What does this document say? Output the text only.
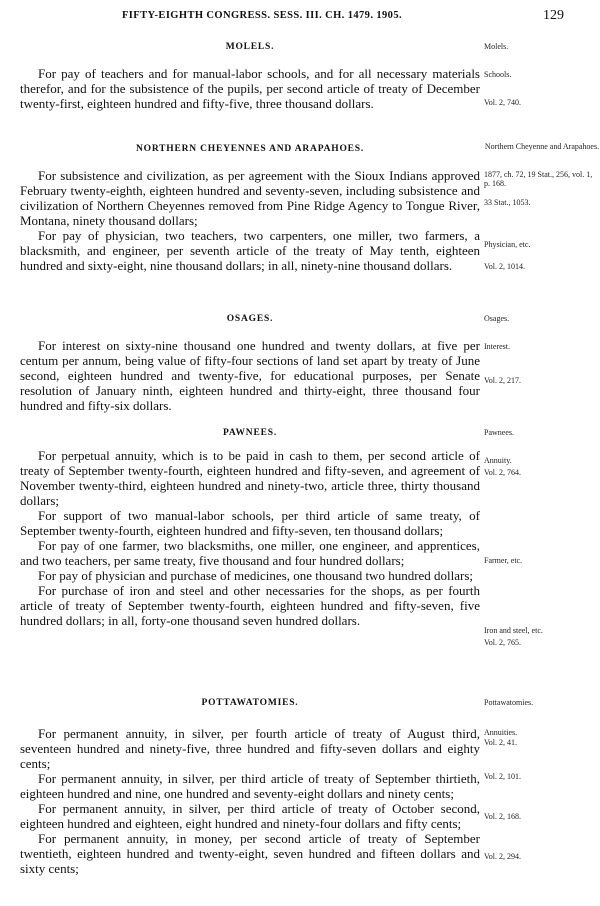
FIFTY-EIGHTH CONGRESS. SESS. III. CH. 1479. 1905.	129
MOLELS.

For pay of teachers and for manual-labor schools, and for all necessary materials therefor, and for the subsistence of the pupils, per second article of treaty of December twenty-first, eighteen hundred and fifty-five, three thousand dollars.

NORTHERN CHEYENNES AND ARAPAHOES.

For subsistence and civilization, as per agreement with the Sioux Indians approved February twenty-eighth, eighteen hundred and seventy-seven, including subsistence and civilization of Northern Cheyennes removed from Pine Ridge Agency to Tongue River, Montana, ninety thousand dollars;

For pay of physician, two teachers, two carpenters, one miller, two farmers, a blacksmith, and engineer, per seventh article of the treaty of May tenth, eighteen hundred and sixty-eight, nine thousand dollars; in all, ninety-nine thousand dollars.

OSAGES.

For interest on sixty-nine thousand one hundred and twenty dollars, at five per centum per annum, being value of fifty-four sections of land set apart by treaty of June second, eighteen hundred and twenty-five, for educational purposes, per Senate resolution of January ninth, eighteen hundred and thirty-eight, three thousand four hundred and fifty-six dollars.

PAWNEES.

For perpetual annuity, which is to be paid in cash to them, per second article of treaty of September twenty-fourth, eighteen hundred and fifty-seven, and agreement of November twenty-third, eighteen hundred and ninety-two, article three, thirty thousand dollars;

For support of two manual-labor schools, per third article of same treaty, of September twenty-fourth, eighteen hundred and fifty-seven, ten thousand dollars;

For pay of one farmer, two blacksmiths, one miller, one engineer, and apprentices, and two teachers, per same treaty, five thousand and four hundred dollars;

For pay of physician and purchase of medicines, one thousand two hundred dollars;

For purchase of iron and steel and other necessaries for the shops, as per fourth article of treaty of September twenty-fourth, eighteen hundred and fifty-seven, five hundred dollars; in all, forty-one thousand seven hundred dollars.

POTTAWATOMIES.

For permanent annuity, in silver, per fourth article of treaty of August third, seventeen hundred and ninety-five, three hundred and fifty-seven dollars and eighty cents;

For permanent annuity, in silver, per third article of treaty of September thirtieth, eighteen hundred and nine, one hundred and seventy-eight dollars and ninety cents;

For permanent annuity, in silver, per third article of treaty of October second, eighteen hundred and eighteen, eight hundred and ninety-four dollars and fifty cents;

For permanent annuity, in money, per second article of treaty of September twentieth, eighteen hundred and twenty-eight, seven hundred and fifteen dollars and sixty cents;

Molels.
Schools.
Vol. 2, 740.
Northern Cheyenne and Arapahoes.
1877, ch. 72, 19 Stat., 256, vol. 1, p. 168.
33 Stat., 1053.
Physician, etc.
Vol. 2, 1014.
Osages.
Interest.
Vol. 2, 217.
Pawnees.
Annuity.
Vol. 2, 764.
Farmer, etc.
Iron and steel, etc.
Vol. 2, 765.
Pottawatomies.
Annuities.
Vol. 2, 41.
Vol. 2, 101.
Vol. 2, 168.
Vol. 2, 294.
